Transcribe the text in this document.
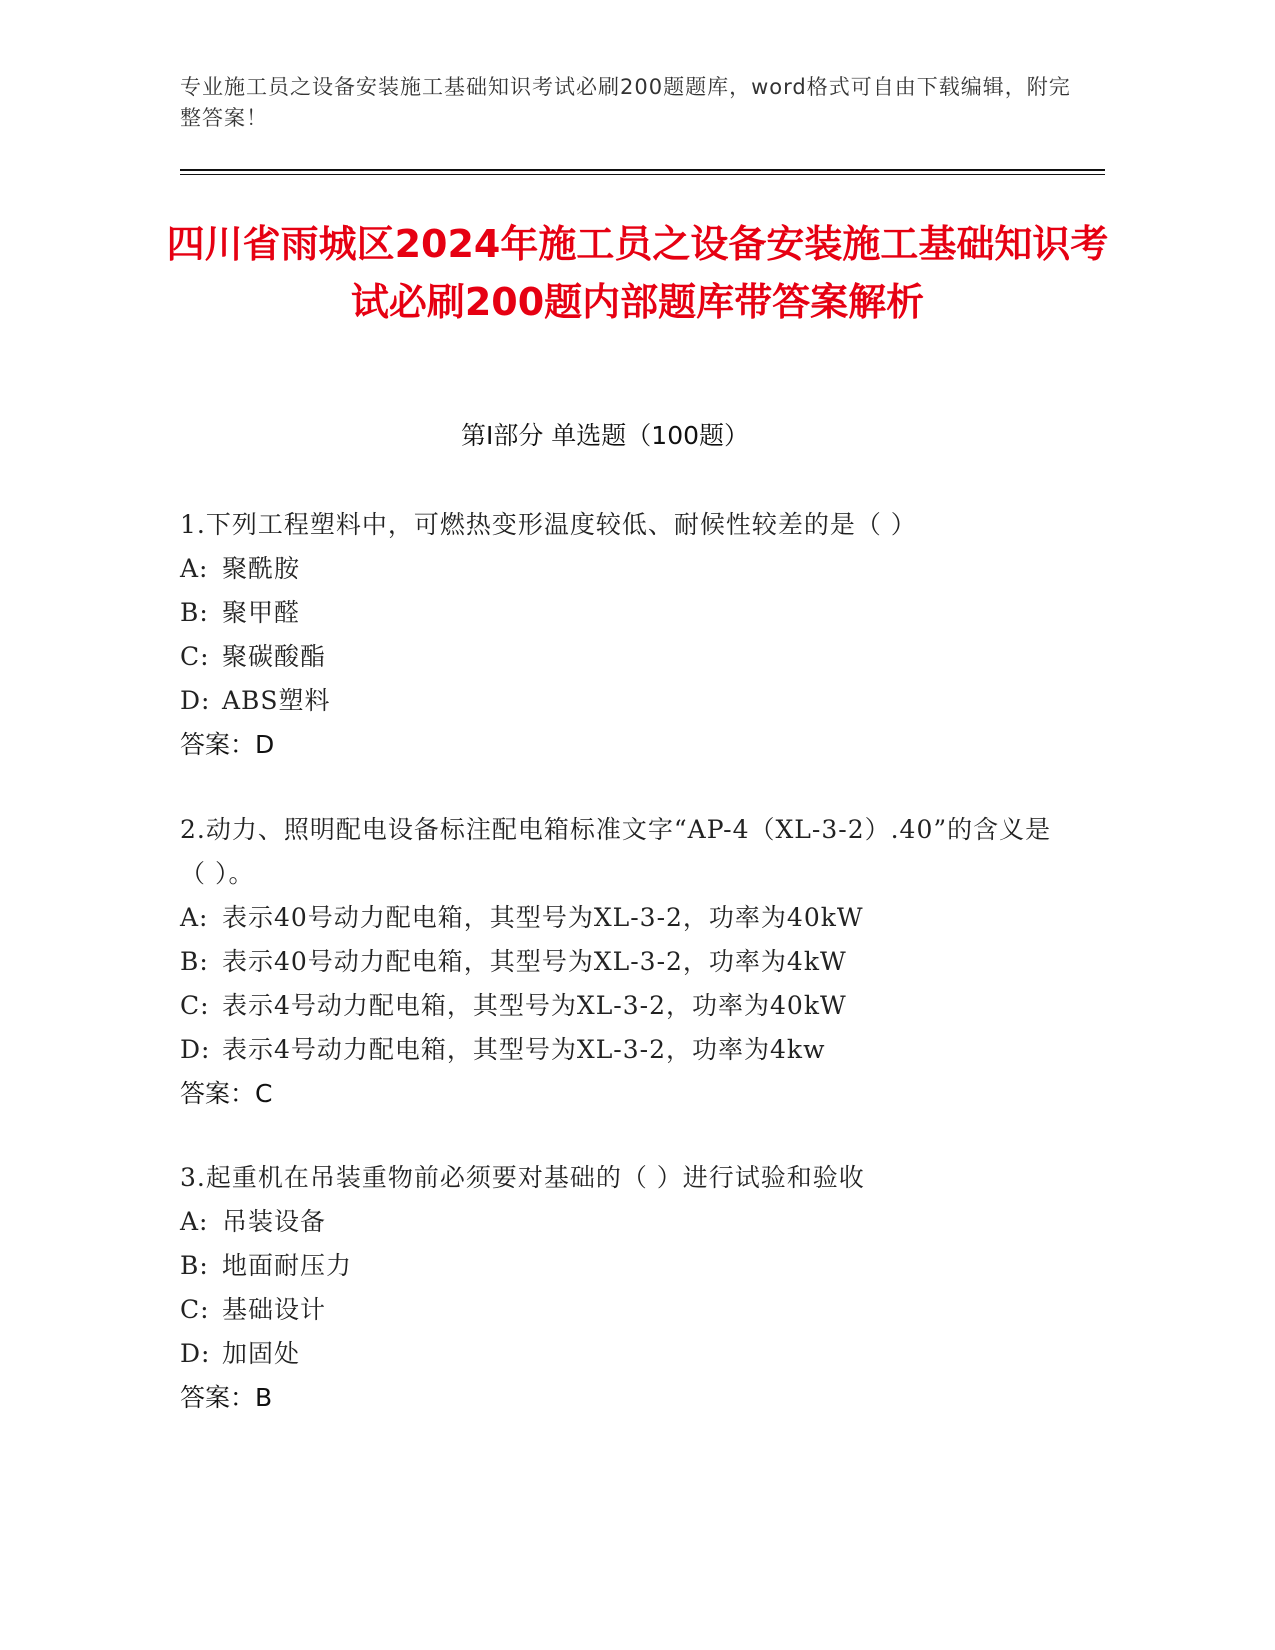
专业施工员之设备安装施工基础知识考试必刷200题题库，word格式可自由下载编辑，附完整答案！
四川省雨城区2024年施工员之设备安装施工基础知识考试必刷200题内部题库带答案解析
第I部分 单选题（100题）
1.下列工程塑料中，可燃热变形温度较低、耐候性较差的是（ ）
A: 聚酰胺
B: 聚甲醛
C: 聚碳酸酯
D: ABS塑料
答案：D
2.动力、照明配电设备标注配电箱标准文字“AP-4（XL-3-2）.40”的含义是（ ）。
A: 表示40号动力配电箱，其型号为XL-3-2，功率为40kW
B: 表示40号动力配电箱，其型号为XL-3-2，功率为4kW
C: 表示4号动力配电箱，其型号为XL-3-2，功率为40kW
D: 表示4号动力配电箱，其型号为XL-3-2，功率为4kw
答案：C
3.起重机在吊装重物前必须要对基础的（ ）进行试验和验收
A: 吊装设备
B: 地面耐压力
C: 基础设计
D: 加固处
答案：B
